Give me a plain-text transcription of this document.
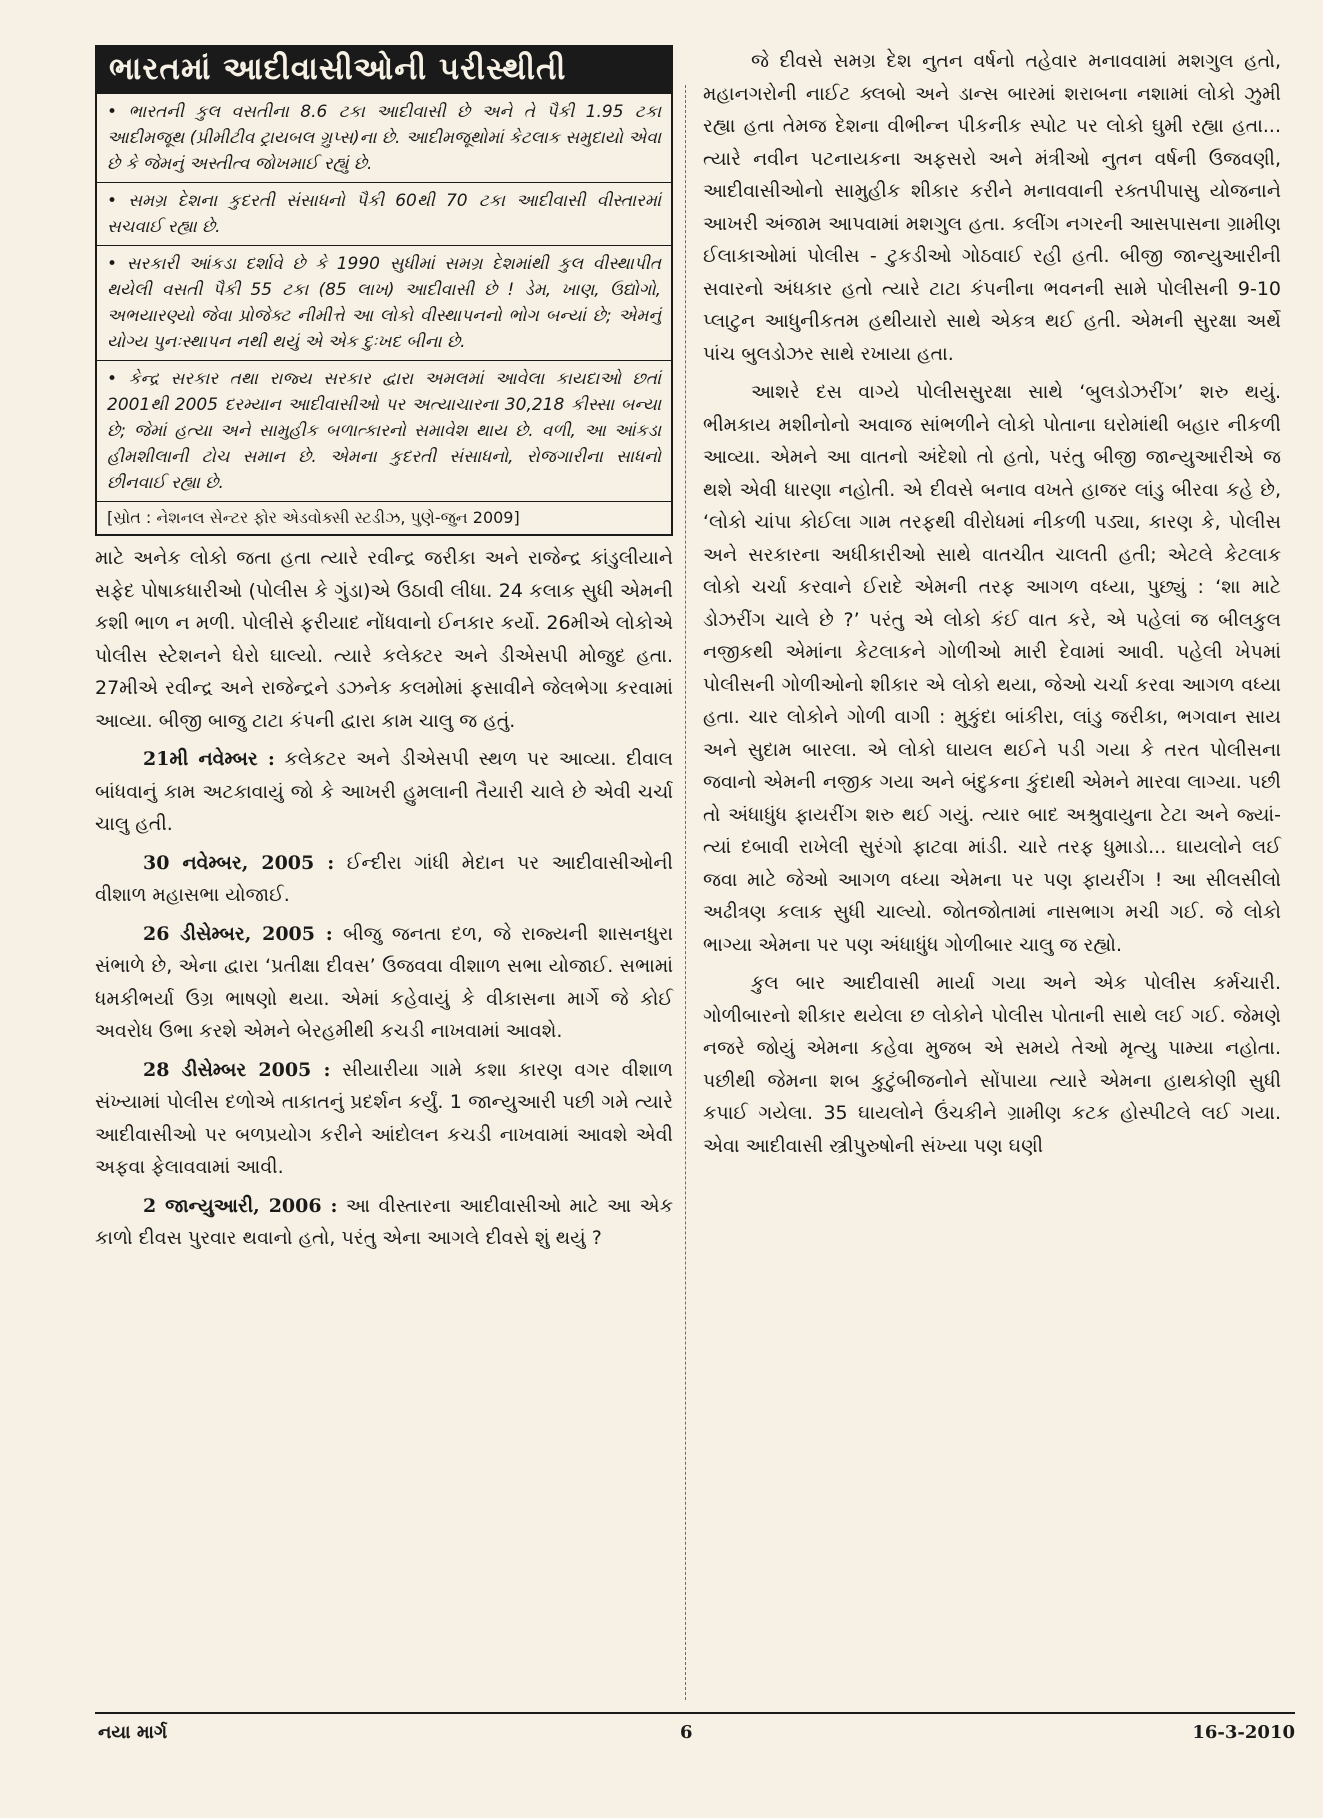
ભારતમાં આદીવાસીઓની પરીસ્થીતી
• ભારતની કુલ વસતીના 8.6 ટકા આદીવાસી છે અને તે પૈકી 1.95 ટકા આદીમજૂથ (પ્રીમીટીવ ટ્રાયબલ ગ્રુપ્સ)ના છે. આદીમજૂથોમાં કેટલાક સમુદાયો એવા છે કે જેમનું અસ્તીત્વ જોખમાઈ રહ્યું છે.
• સમગ્ર દેશના કુદરતી સંસાધનો પૈકી 60થી 70 ટકા આદીવાસી વીસ્તારમાં સચવાઈ રહ્યા છે.
• સરકારી આંકડા દર્શાવે છે કે 1990 સુધીમાં સમગ્ર દેશમાંથી કુલ વીસ્થાપીત થયેલી વસતી પૈકી 55 ટકા (85 લાખ) આદીવાસી છે ! ડેમ, ખાણ, ઉદ્યોગો, અભયારણ્યો જેવા પ્રોજેક્ટ નીમીત્તે આ લોકો વીસ્થાપનનો ભોગ બન્યાં છે; એમનું યોગ્ય પુનઃસ્થાપન નથી થયું એ એક દુઃખદ બીના છે.
• કેન્દ્ર સરકાર તથા રાજ્ય સરકાર દ્વારા અમલમાં આવેલા કાયદાઓ છતાં 2001થી 2005 દરમ્યાન આદીવાસીઓ પર અત્યાચારના 30,218 કીસ્સા બન્યા છે; જેમાં હત્યા અને સામુહીક બળાત્કારનો સમાવેશ થાય છે. વળી, આ આંકડા હીમશીલાની ટોચ સમાન છે. એમના કુદરતી સંસાધનો, રોજગારીના સાધનો છીનવાઈ રહ્યા છે.
[સ્રોત : નેશનલ સેન્ટર ફોર એડવોક્સી સ્ટડીઝ, પુણે-જુન 2009]

માટે અનેક લોકો જતા હતા ત્યારે રવીન્દ્ર જરીકા અને રાજેન્દ્ર કાંડુલીયાને સફેદ પોષાકધારીઓ (પોલીસ કે ગુંડા)એ ઉઠાવી લીધા. 24 કલાક સુધી એમની કશી ભાળ ન મળી. પોલીસે ફરીયાદ નોંધવાનો ઈનકાર કર્યો. 26મીએ લોકોએ પોલીસ સ્ટેશનને ઘેરો ઘાલ્યો. ત્યારે કલેક્ટર અને ડીએસપી મોજુદ હતા. 27મીએ રવીન્દ્ર અને રાજેન્દ્રને ડઝનેક કલમોમાં ફસાવીને જેલભેગા કરવામાં આવ્યા. બીજી બાજુ ટાટા કંપની દ્વારા કામ ચાલુ જ હતું.

21મી નવેમ્બર : કલેકટર અને ડીએસપી સ્થળ પર આવ્યા. દીવાલ બાંધવાનું કામ અટકાવાયું જો કે આખરી હુમલાની તૈયારી ચાલે છે એવી ચર્ચા ચાલુ હતી.

30 નવેમ્બર, 2005 : ઈન્દીરા ગાંધી મેદાન પર આદીવાસીઓની વીશાળ મહાસભા યોજાઈ.

26 ડીસેમ્બર, 2005 : બીજુ જનતા દળ, જે રાજ્યની શાસનધુરા સંભાળે છે, એના દ્વારા ‘પ્રતીક્ષા દીવસ’ ઉજવવા વીશાળ સભા યોજાઈ. સભામાં ધમકીભર્યા ઉગ્ર ભાષણો થયા. એમાં કહેવાયું કે વીકાસના માર્ગે જે કોઈ અવરોધ ઉભા કરશે એમને બેરહમીથી કચડી નાખવામાં આવશે.

28 ડીસેમ્બર 2005 : સીયારીયા ગામે કશા કારણ વગર વીશાળ સંખ્યામાં પોલીસ દળોએ તાકાતનું પ્રદર્શન કર્યું. 1 જાન્યુઆરી પછી ગમે ત્યારે આદીવાસીઓ પર બળપ્રયોગ કરીને આંદોલન કચડી નાખવામાં આવશે એવી અફવા ફેલાવવામાં આવી.

2 જાન્યુઆરી, 2006 : આ વીસ્તારના આદીવાસીઓ માટે આ એક કાળો દીવસ પુરવાર થવાનો હતો, પરંતુ એના આગલે દીવસે શું થયું ?

જે દીવસે સમગ્ર દેશ નુતન વર્ષનો તહેવાર મનાવવામાં મશગુલ હતો, મહાનગરોની નાઈટ ક્લબો અને ડાન્સ બારમાં શરાબના નશામાં લોકો ઝુમી રહ્યા હતા તેમજ દેશના વીભીન્ન પીકનીક સ્પોટ પર લોકો ઘુમી રહ્યા હતા... ત્યારે નવીન પટનાયકના અફસરો અને મંત્રીઓ નુતન વર્ષની ઉજવણી, આદીવાસીઓનો સામુહીક શીકાર કરીને મનાવવાની રક્તપીપાસુ યોજનાને આખરી અંજામ આપવામાં મશગુલ હતા. કલીંગ નગરની આસપાસના ગ્રામીણ ઈલાકાઓમાં પોલીસ - ટુકડીઓ ગોઠવાઈ રહી હતી. બીજી જાન્યુઆરીની સવારનો અંધકાર હતો ત્યારે ટાટા કંપનીના ભવનની સામે પોલીસની 9-10 પ્લાટુન આધુનીકતમ હથીયારો સાથે એકત્ર થઈ હતી. એમની સુરક્ષા અર્થે પાંચ બુલડોઝર સાથે રખાયા હતા.

આશરે દસ વાગ્યે પોલીસસુરક્ષા સાથે ‘બુલડોઝરીંગ’ શરુ થયું. ભીમકાય મશીનોનો અવાજ સાંભળીને લોકો પોતાના ઘરોમાંથી બહાર નીકળી આવ્યા. એમને આ વાતનો અંદેશો તો હતો, પરંતુ બીજી જાન્યુઆરીએ જ થશે એવી ધારણા નહોતી. એ દીવસે બનાવ વખતે હાજર લાંડુ બીરવા કહે છે, ‘લોકો ચાંપા કોઈલા ગામ તરફથી વીરોધમાં નીકળી પડ્યા, કારણ કે, પોલીસ અને સરકારના અધીકારીઓ સાથે વાતચીત ચાલતી હતી; એટલે કેટલાક લોકો ચર્ચા કરવાને ઈરાદે એમની તરફ આગળ વધ્યા, પુછ્યું : ‘શા માટે ડોઝરીંગ ચાલે છે ?’ પરંતુ એ લોકો કંઈ વાત કરે, એ પહેલાં જ બીલકુલ નજીકથી એમાંના કેટલાકને ગોળીઓ મારી દેવામાં આવી. પહેલી ખેપમાં પોલીસની ગોળીઓનો શીકાર એ લોકો થયા, જેઓ ચર્ચા કરવા આગળ વધ્યા હતા. ચાર લોકોને ગોળી વાગી : મુકુંદા બાંકીરા, લાંડુ જરીકા, ભગવાન સાય અને સુદામ બારલા. એ લોકો ઘાયલ થઈને પડી ગયા કે તરત પોલીસના જવાનો એમની નજીક ગયા અને બંદુકના કુંદાથી એમને મારવા લાગ્યા. પછી તો અંધાધુંધ ફાયરીંગ શરુ થઈ ગયું. ત્યાર બાદ અશ્રુવાયુના ટેટા અને જ્યાં-ત્યાં દબાવી રાખેલી સુરંગો ફાટવા માંડી. ચારે તરફ ધુમાડો... ઘાયલોને લઈ જવા માટે જેઓ આગળ વધ્યા એમના પર પણ ફાયરીંગ ! આ સીલસીલો અઢીત્રણ કલાક સુધી ચાલ્યો. જોતજોતામાં નાસભાગ મચી ગઈ. જે લોકો ભાગ્યા એમના પર પણ અંધાધુંધ ગોળીબાર ચાલુ જ રહ્યો.

કુલ બાર આદીવાસી માર્યા ગયા અને એક પોલીસ કર્મચારી. ગોળીબારનો શીકાર થયેલા છ લોકોને પોલીસ પોતાની સાથે લઈ ગઈ. જેમણે નજરે જોયું એમના કહેવા મુજબ એ સમયે તેઓ મૃત્યુ પામ્યા નહોતા. પછીથી જેમના શબ કુટુંબીજનોને સોંપાયા ત્યારે એમના હાથકોણી સુધી કપાઈ ગયેલા. 35 ઘાયલોને ઉંચકીને ગ્રામીણ કટક હોસ્પીટલે લઈ ગયા. એવા આદીવાસી સ્ત્રીપુરુષોની સંખ્યા પણ ઘણી

નયા માર્ગ	6	16-3-2010
